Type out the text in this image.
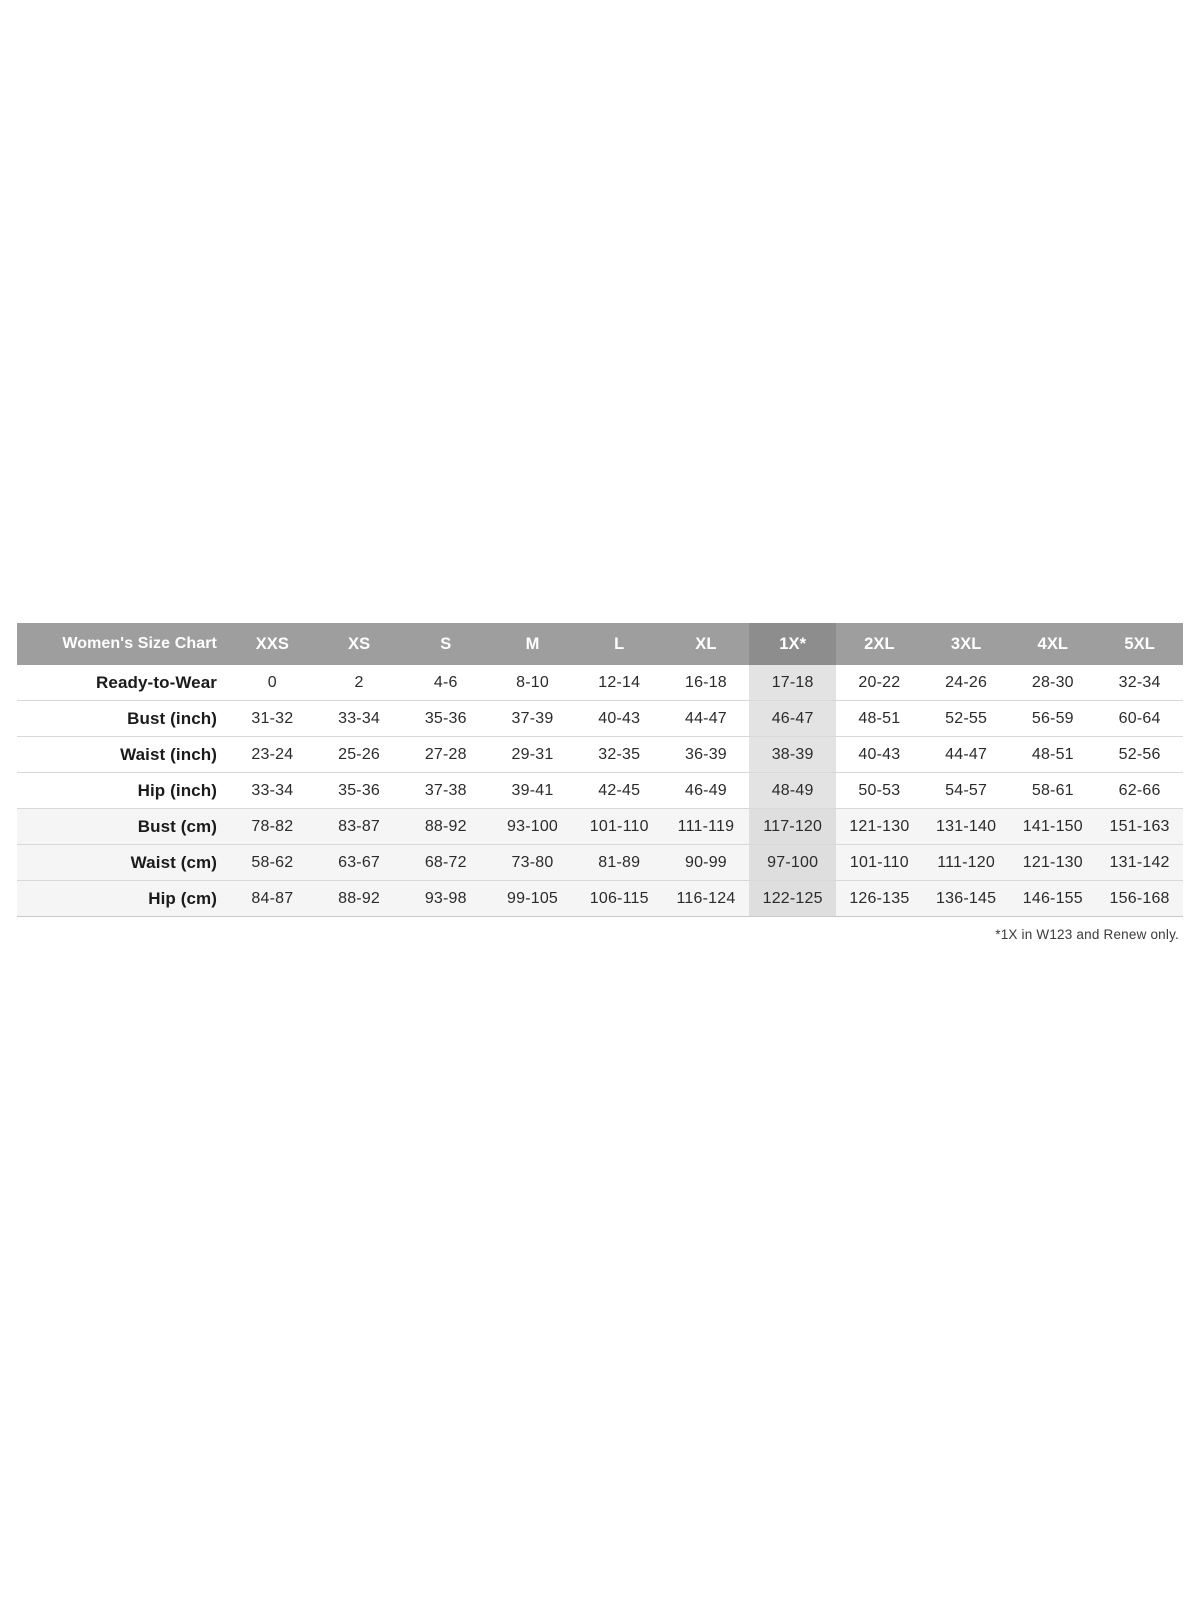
Women's Size Chart	XXS	XS	S	M	L	XL	1X*	2XL	3XL	4XL	5XL
Ready-to-Wear	0	2	4-6	8-10	12-14	16-18	17-18	20-22	24-26	28-30	32-34
Bust (inch)	31-32	33-34	35-36	37-39	40-43	44-47	46-47	48-51	52-55	56-59	60-64
Waist (inch)	23-24	25-26	27-28	29-31	32-35	36-39	38-39	40-43	44-47	48-51	52-56
Hip (inch)	33-34	35-36	37-38	39-41	42-45	46-49	48-49	50-53	54-57	58-61	62-66
Bust (cm)	78-82	83-87	88-92	93-100	101-110	111-119	117-120	121-130	131-140	141-150	151-163
Waist (cm)	58-62	63-67	68-72	73-80	81-89	90-99	97-100	101-110	111-120	121-130	131-142
Hip (cm)	84-87	88-92	93-98	99-105	106-115	116-124	122-125	126-135	136-145	146-155	156-168
*1X in W123 and Renew only.
